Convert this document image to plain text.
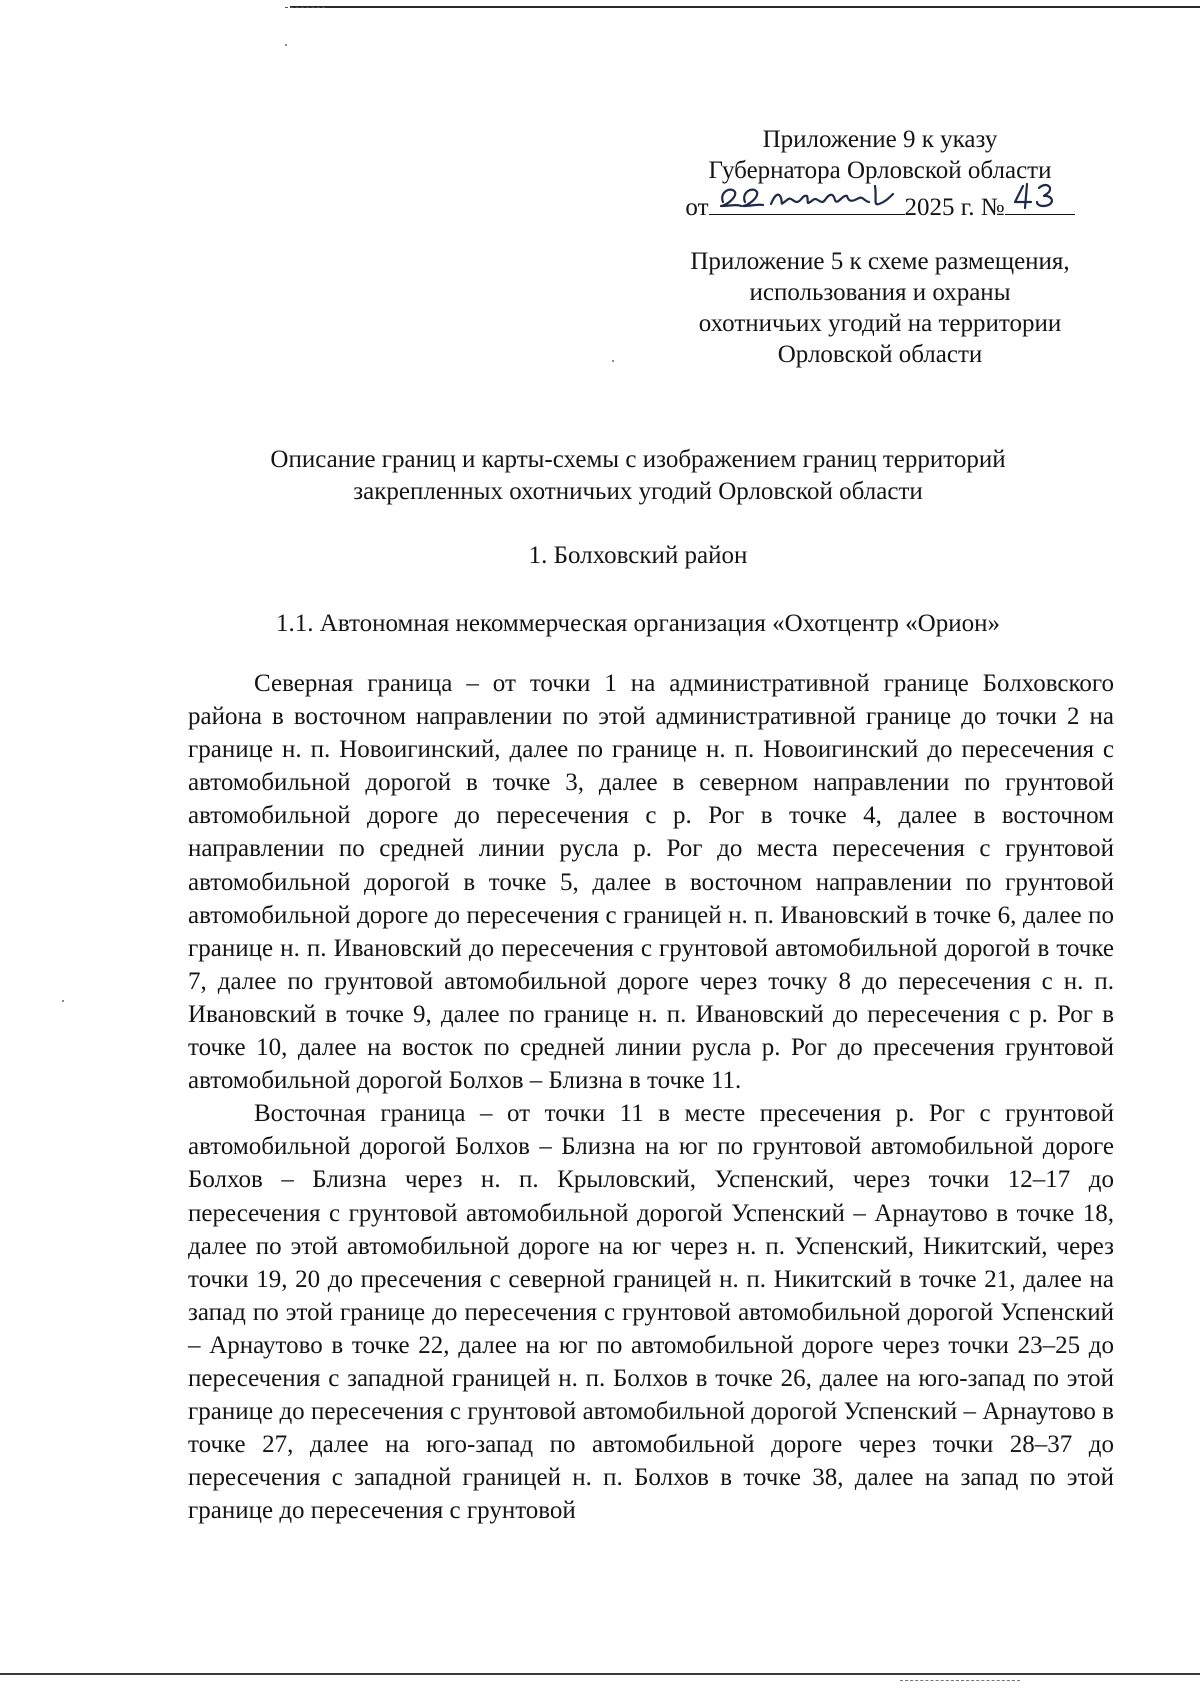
Приложение 9 к указу
Губернатора Орловской области
от	2025 г. №
Приложение 5 к схеме размещения,
использования и охраны
охотничьих угодий на территории
Орловской области
Описание границ и карты-схемы с изображением границ территорий
закрепленных охотничьих угодий Орловской области
1. Болховский район
1.1. Автономная некоммерческая организация «Охотцентр «Орион»

Северная граница – от точки 1 на административной границе Болховского района в восточном направлении по этой административной границе до точки 2 на границе н. п. Новоигинский, далее по границе н. п. Новоигинский до пересечения с автомобильной дорогой в точке 3, далее в северном направлении по грунтовой автомобильной дороге до пересечения с р. Рог в точке 4, далее в восточном направлении по средней линии русла р. Рог до места пересечения с грунтовой автомобильной дорогой в точке 5, далее в восточном направлении по грунтовой автомобильной дороге до пересечения с границей н. п. Ивановский в точке 6, далее по границе н. п. Ивановский до пересечения с грунтовой автомобильной дорогой в точке 7, далее по грунтовой автомобильной дороге через точку 8 до пересечения с н. п. Ивановский в точке 9, далее по границе н. п. Ивановский до пересечения с р. Рог в точке 10, далее на восток по средней линии русла р. Рог до пресечения грунтовой автомобильной дорогой Болхов – Близна в точке 11.

Восточная граница – от точки 11 в месте пресечения р. Рог с грунтовой автомобильной дорогой Болхов – Близна на юг по грунтовой автомобильной дороге Болхов – Близна через н. п. Крыловский, Успенский, через точки 12–17 до пересечения с грунтовой автомобильной дорогой Успенский – Арнаутово в точке 18, далее по этой автомобильной дороге на юг через н. п. Успенский, Никитский, через точки 19, 20 до пресечения с северной границей н. п. Никитский в точке 21, далее на запад по этой границе до пересечения с грунтовой автомобильной дорогой Успенский – Арнаутово в точке 22, далее на юг по автомобильной дороге через точки 23–25 до пересечения с западной границей н. п. Болхов в точке 26, далее на юго-запад по этой границе до пересечения с грунтовой автомобильной дорогой Успенский – Арнаутово в точке 27, далее на юго-запад по автомобильной дороге через точки 28–37 до пересечения с западной границей н. п. Болхов в точке 38, далее на запад по этой границе до пересечения с грунтовой
